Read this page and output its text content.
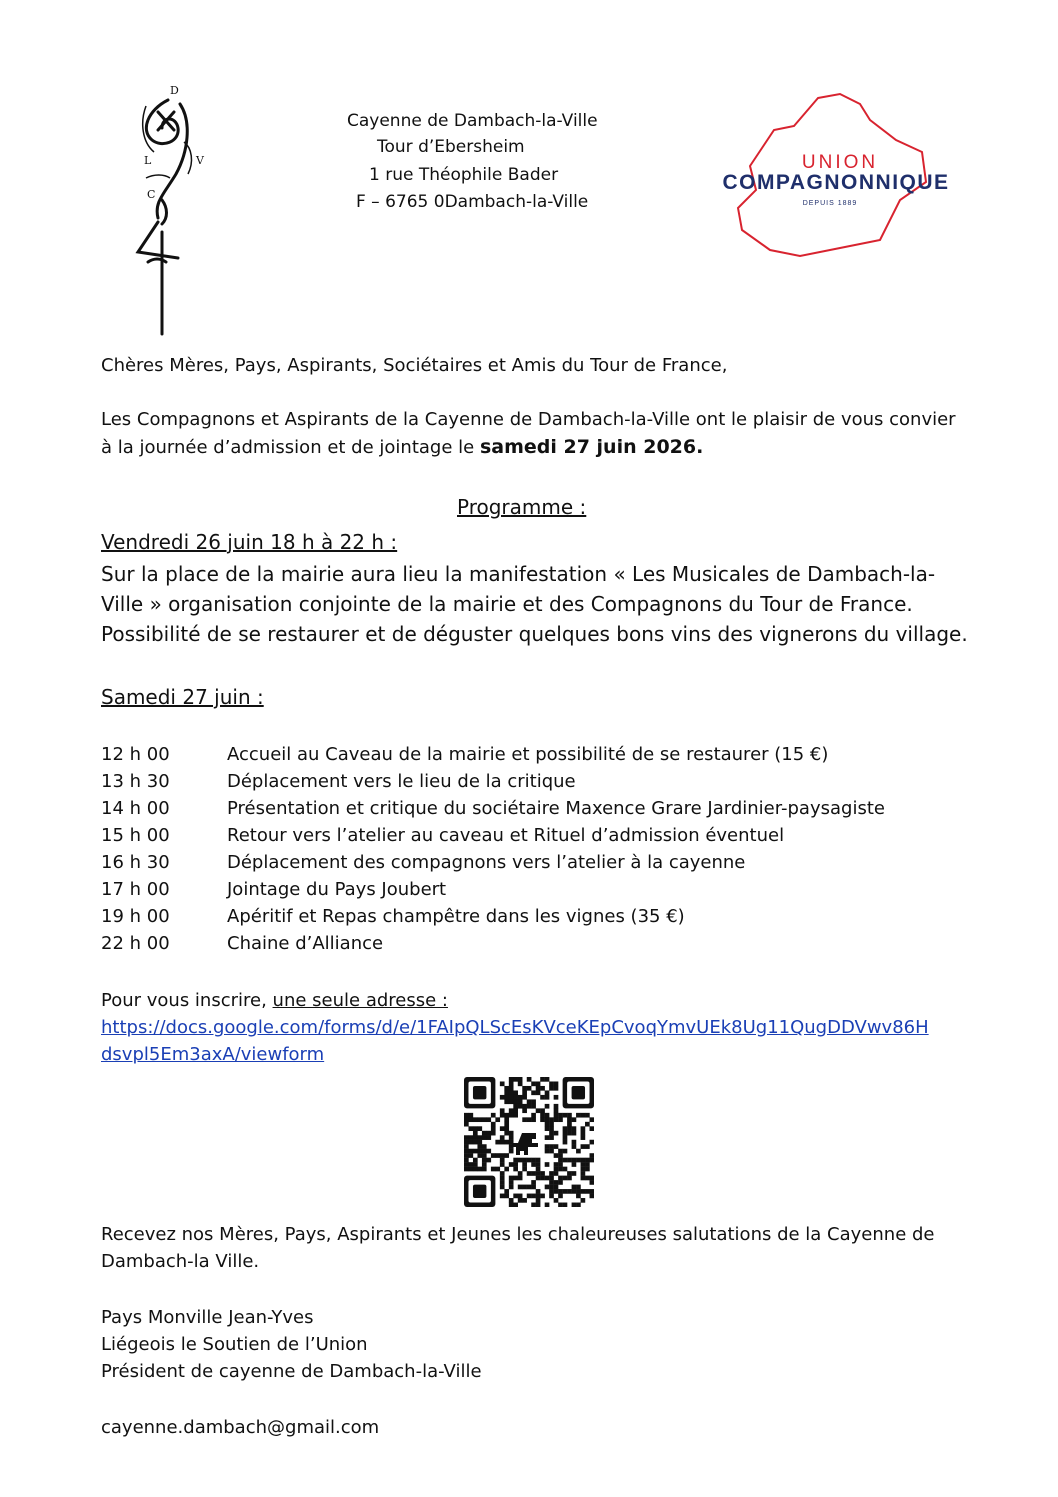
D
L	V
C
Cayenne de Dambach-la-Ville
Tour d’Ebersheim
1 rue Théophile Bader
F – 6765 0Dambach-la-Ville
UNION
COMPAGNONNIQUE
DEPUIS 1889
Chères Mères, Pays, Aspirants, Sociétaires et Amis du Tour de France,
Les Compagnons et Aspirants de la Cayenne de Dambach-la-Ville ont le plaisir de vous convier
à la journée d’admission et de jointage le samedi 27 juin 2026.
Programme :
Vendredi 26 juin 18 h à 22 h :
Sur la place de la mairie aura lieu la manifestation « Les Musicales de Dambach-la-
Ville » organisation conjointe de la mairie et des Compagnons du Tour de France.
Possibilité de se restaurer et de déguster quelques bons vins des vignerons du village.
Samedi 27 juin :
12 h 00	Accueil au Caveau de la mairie et possibilité de se restaurer (15 €)
13 h 30	Déplacement vers le lieu de la critique
14 h 00	Présentation et critique du sociétaire Maxence Grare Jardinier-paysagiste
15 h 00	Retour vers l’atelier au caveau et Rituel d’admission éventuel
16 h 30	Déplacement des compagnons vers l’atelier à la cayenne
17 h 00	Jointage du Pays Joubert
19 h 00	Apéritif et Repas champêtre dans les vignes (35 €)
22 h 00	Chaine d’Alliance
Pour vous inscrire, une seule adresse :
https://docs.google.com/forms/d/e/1FAIpQLScEsKVceKEpCvoqYmvUEk8Ug11QugDDVwv86H
dsvpl5Em3axA/viewform
Recevez nos Mères, Pays, Aspirants et Jeunes les chaleureuses salutations de la Cayenne de
Dambach-la Ville.
Pays Monville Jean-Yves
Liégeois le Soutien de l’Union
Président de cayenne de Dambach-la-Ville
cayenne.dambach@gmail.com
